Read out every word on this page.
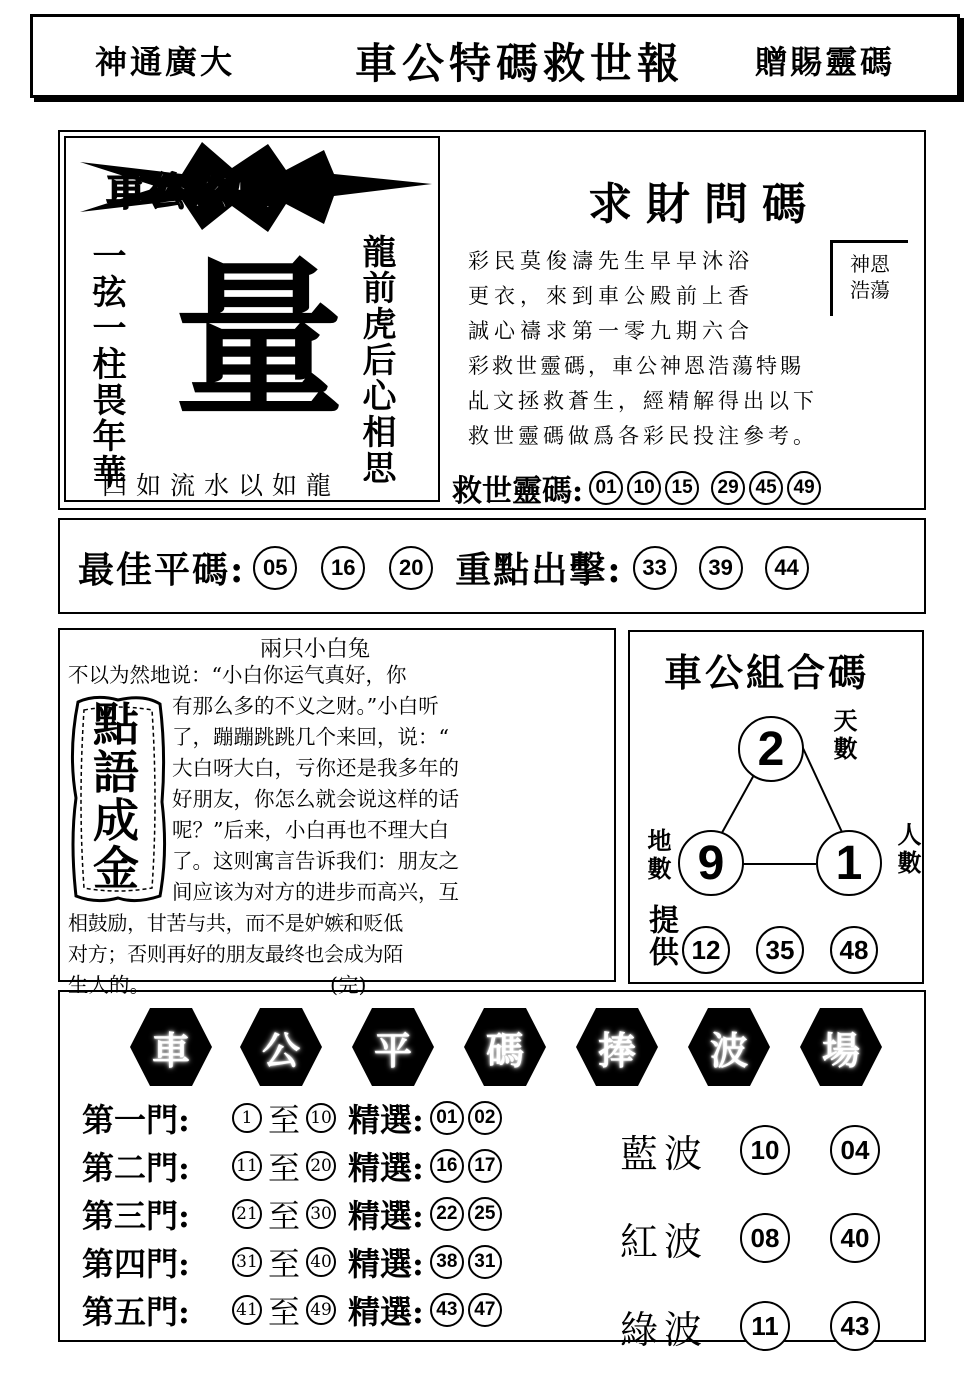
神通廣大	車公特碼救世報 贈賜靈碼
車公玄機
一弦一柱畏年華 量 龍前虎后心相思
四如流水以如龍
求財問碼
神恩浩蕩
彩民莫俊濤先生早早沐浴
更衣，來到車公殿前上香
誠心禱求第一零九期六合
彩救世靈碼，車公神恩浩蕩特賜
乩文拯救蒼生，經精解得出以下
救世靈碼做爲各彩民投注參考。
救世靈碼: 01 10 15	29 45 49
最佳平碼: 05	16	20 重點出擊: 33	39	44
兩只小白兔

不以为然地说：“小白你运气真好，你

有那么多的不义之财。”小白听

了，蹦蹦跳跳几个来回，说：“

大白呀大白，亏你还是我多年的

好朋友，你怎么就会说这样的话

呢？”后来，小白再也不理大白

了。这则寓言告诉我们：朋友之

间应该为对方的进步而高兴，互

相鼓励，甘苦与共，而不是妒嫉和贬低

对方；否则再好的朋友最终也会成为陌

生人的。	(完)

點語成金
車公組合碼
2	天數
9
地數	1	人數
提供 12	35	48
車 公 平 碼 捧 波 場
第一門:	1 至 10 精選: 01 02
第二門:	11 至 20 精選: 16 17
第三門:	21 至 30 精選: 22 25
第四門:	31 至 40 精選: 38 31
第五門:	41 至 49 精選: 43 47
藍波	10	04
紅波	08	40
綠波	11	43
